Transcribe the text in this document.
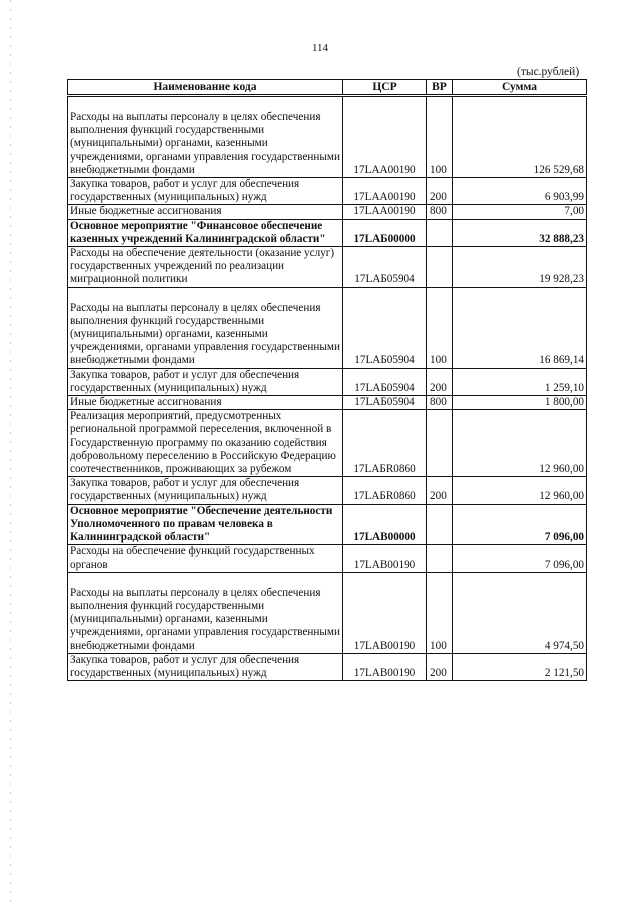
114
(тыс.рублей)
Наименование кода	ЦСР	ВР	Сумма
Расходы на выплаты персоналу в целях обеспечения выполнения функций государственными (муниципальными) органами, казенными учреждениями, органами управления государственными внебюджетными фондами	17LAA00190	100	126 529,68
Закупка товаров, работ и услуг для обеспечения государственных (муниципальных) нужд	17LAA00190	200	6 903,99
Иные бюджетные ассигнования	17LAA00190	800	7,00
Основное мероприятие "Финансовое обеспечение казенных учреждений Калининградской области"	17LAБ00000		32 888,23
Расходы на обеспечение деятельности (оказание услуг) государственных учреждений по реализации миграционной политики	17LAБ05904		19 928,23
Расходы на выплаты персоналу в целях обеспечения выполнения функций государственными (муниципальными) органами, казенными учреждениями, органами управления государственными внебюджетными фондами	17LAБ05904	100	16 869,14
Закупка товаров, работ и услуг для обеспечения государственных (муниципальных) нужд	17LAБ05904	200	1 259,10
Иные бюджетные ассигнования	17LAБ05904	800	1 800,00
Реализация мероприятий, предусмотренных региональной программой переселения, включенной в Государственную программу по оказанию содействия добровольному переселению в Российскую Федерацию соотечественников, проживающих за рубежом	17LAБR0860		12 960,00
Закупка товаров, работ и услуг для обеспечения государственных (муниципальных) нужд	17LAБR0860	200	12 960,00
Основное мероприятие "Обеспечение деятельности Уполномоченного по правам человека в Калининградской области"	17LAB00000		7 096,00
Расходы на обеспечение функций государственных органов	17LAB00190		7 096,00
Расходы на выплаты персоналу в целях обеспечения выполнения функций государственными (муниципальными) органами, казенными учреждениями, органами управления государственными внебюджетными фондами	17LAB00190	100	4 974,50
Закупка товаров, работ и услуг для обеспечения государственных (муниципальных) нужд	17LAB00190	200	2 121,50
